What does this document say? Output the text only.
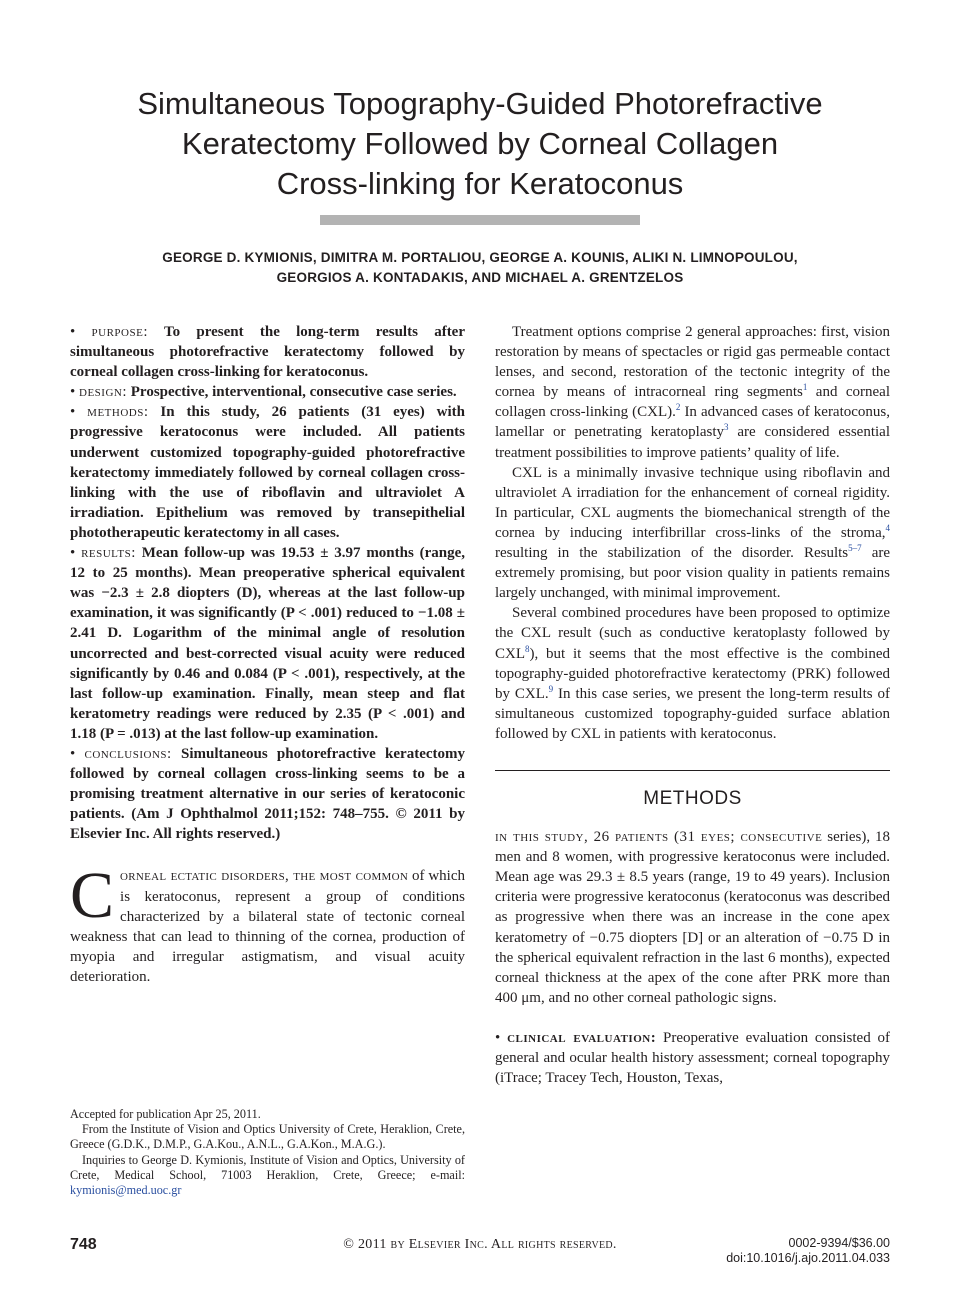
Simultaneous Topography-Guided Photorefractive
Keratectomy Followed by Corneal Collagen
Cross-linking for Keratoconus
GEORGE D. KYMIONIS, DIMITRA M. PORTALIOU, GEORGE A. KOUNIS, ALIKI N. LIMNOPOULOU,
GEORGIOS A. KONTADAKIS, AND MICHAEL A. GRENTZELOS

• purpose: To present the long-term results after simultaneous photorefractive keratectomy followed by corneal collagen cross-linking for keratoconus.

• design: Prospective, interventional, consecutive case series.

• methods: In this study, 26 patients (31 eyes) with progressive keratoconus were included. All patients underwent customized topography-guided photorefractive keratectomy immediately followed by corneal collagen cross-linking with the use of riboflavin and ultraviolet A irradiation. Epithelium was removed by transepithelial phototherapeutic keratectomy in all cases.

• results: Mean follow-up was 19.53 ± 3.97 months (range, 12 to 25 months). Mean preoperative spherical equivalent was −2.3 ± 2.8 diopters (D), whereas at the last follow-up examination, it was significantly (P < .001) reduced to −1.08 ± 2.41 D. Logarithm of the minimal angle of resolution uncorrected and best-corrected visual acuity were reduced significantly by 0.46 and 0.084 (P < .001), respectively, at the last follow-up examination. Finally, mean steep and flat keratometry readings were reduced by 2.35 (P < .001) and 1.18 (P = .013) at the last follow-up examination.

• conclusions: Simultaneous photorefractive keratectomy followed by corneal collagen cross-linking seems to be a promising treatment alternative in our series of keratoconic patients. (Am J Ophthalmol 2011;152: 748–755. © 2011 by Elsevier Inc. All rights reserved.)

Corneal ectatic disorders, the most common of which is keratoconus, represent a group of conditions characterized by a bilateral state of tectonic corneal weakness that can lead to thinning of the cornea, production of myopia and irregular astigmatism, and visual acuity deterioration.

Accepted for publication Apr 25, 2011.

From the Institute of Vision and Optics University of Crete, Heraklion, Crete, Greece (G.D.K., D.M.P., G.A.Kou., A.N.L., G.A.Kon., M.A.G.).

Inquiries to George D. Kymionis, Institute of Vision and Optics, University of Crete, Medical School, 71003 Heraklion, Crete, Greece; e-mail: kymionis@med.uoc.gr

Treatment options comprise 2 general approaches: first, vision restoration by means of spectacles or rigid gas permeable contact lenses, and second, restoration of the tectonic integrity of the cornea by means of intracorneal ring segments$^1$ and corneal collagen cross-linking (CXL).$^2$ In advanced cases of keratoconus, lamellar or penetrating keratoplasty$^3$ are considered essential treatment possibilities to improve patients’ quality of life.

CXL is a minimally invasive technique using riboflavin and ultraviolet A irradiation for the enhancement of corneal rigidity. In particular, CXL augments the biomechanical strength of the cornea by inducing interfibrillar cross-links of the stroma,$^4$ resulting in the stabilization of the disorder. Results$^{5-7}$ are extremely promising, but poor vision quality in patients remains largely unchanged, with minimal improvement.

Several combined procedures have been proposed to optimize the CXL result (such as conductive keratoplasty followed by CXL$^8$), but it seems that the most effective is the combined topography-guided photorefractive keratectomy (PRK) followed by CXL.$^9$ In this case series, we present the long-term results of simultaneous customized topography-guided surface ablation followed by CXL in patients with keratoconus.

METHODS

in this study, 26 patients (31 eyes; consecutive series), 18 men and 8 women, with progressive keratoconus were included. Mean age was 29.3 ± 8.5 years (range, 19 to 49 years). Inclusion criteria were progressive keratoconus (keratoconus was described as progressive when there was an increase in the cone apex keratometry of −0.75 diopters [D] or an alteration of −0.75 D in the spherical equivalent refraction in the last 6 months), expected corneal thickness at the apex of the cone after PRK more than 400 μm, and no other corneal pathologic signs.

• clinical evaluation: Preoperative evaluation consisted of general and ocular health history assessment; corneal topography (iTrace; Tracey Tech, Houston, Texas,

748	© 2011 by Elsevier Inc. All rights reserved.	0002-9394/$36.00
doi:10.1016/j.ajo.2011.04.033
